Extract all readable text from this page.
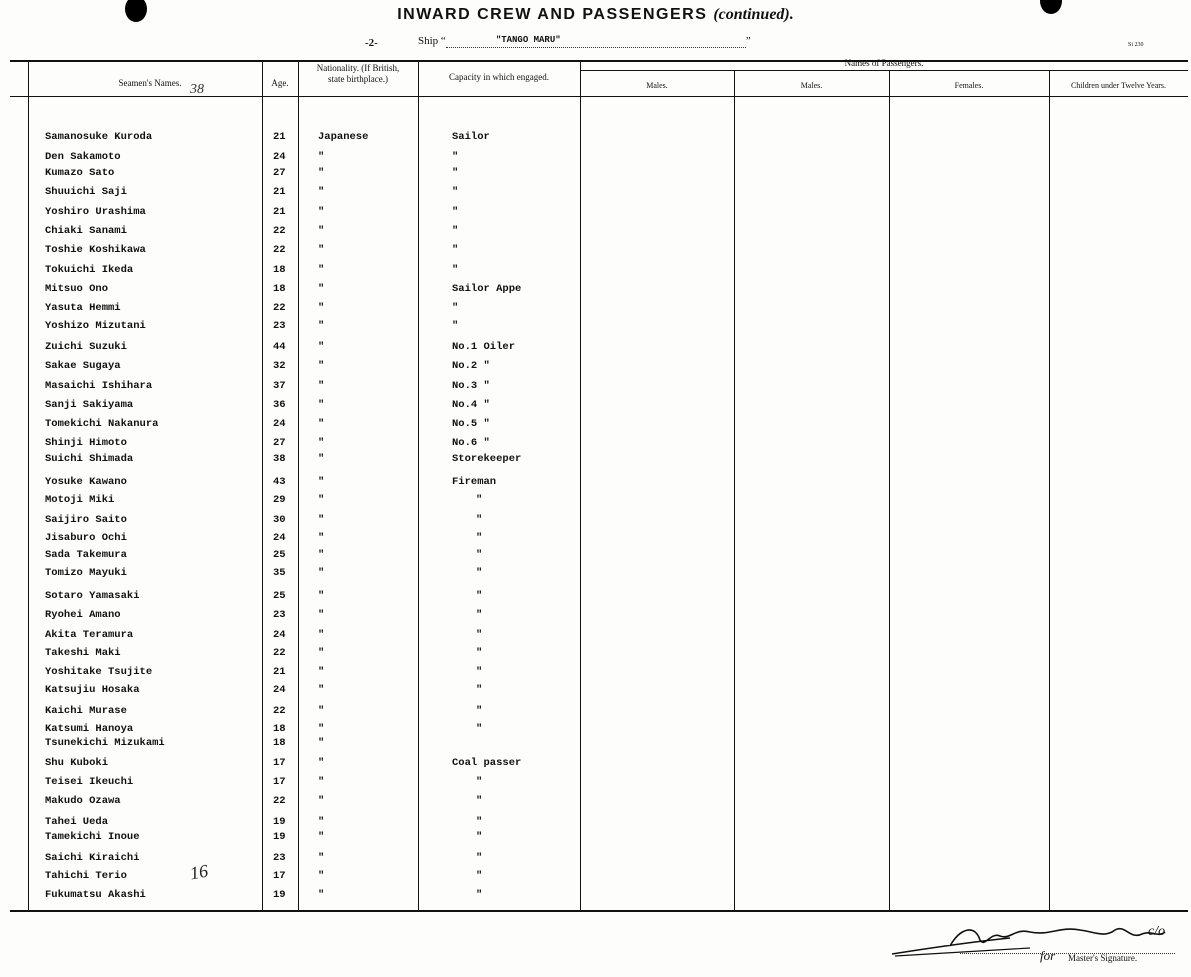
INWARD CREW AND PASSENGERS (continued).
-2-	Ship “	"TANGO MARU"	”	Si 230
Seamen's Names. 38	Age.
Nationality. (If British, state birthplace.)	Capacity in which engaged.
Names of Passengers.
Males.	Males.	Females.	Children under Twelve Years.
Samanosuke Kuroda	21	Japanese	Sailor
Den Sakamoto	24	"	"
Kumazo Sato	27	"	"
Shuuichi Saji	21	"	"
Yoshiro Urashima	21	"	"
Chiaki Sanami	22	"	"
Toshie Koshikawa	22	"	"
Tokuichi Ikeda	18	"	"
Mitsuo Ono	18	"	Sailor Appe
Yasuta Hemmi	22	"	"
Yoshizo Mizutani	23	"	"
Zuichi Suzuki	44	"	No.1 Oiler
Sakae Sugaya	32	"	No.2 "
Masaichi Ishihara	37	"	No.3 "
Sanji Sakiyama	36	"	No.4 "
Tomekichi Nakanura	24	"	No.5 "
Shinji Himoto	27	"	No.6 "
Suichi Shimada	38	"	Storekeeper
Yosuke Kawano	43	"	Fireman
Motoji Miki	29	"	"
Saijiro Saito	30	"	"
Jisaburo Ochi	24	"	"
Sada Takemura	25	"	"
Tomizo Mayuki	35	"	"
Sotaro Yamasaki	25	"	"
Ryohei Amano	23	"	"
Akita Teramura	24	"	"
Takeshi Maki	22	"	"
Yoshitake Tsujite	21	"	"
Katsujiu Hosaka	24	"	"
Kaichi Murase	22	"	"
Katsumi Hanoya	18	"	"
Tsunekichi Mizukami	18	"
Shu Kuboki	17	"	Coal passer
Teisei Ikeuchi	17	"	"
Makudo Ozawa	22	"	"
Tahei Ueda	19	"	"
Tamekichi Inoue	19	"	"
Saichi Kiraichi	23	"	"
Tahichi Terio	17	"	"
Fukumatsu Akashi	19	"	"
16
c/o
for Master's Signature.
